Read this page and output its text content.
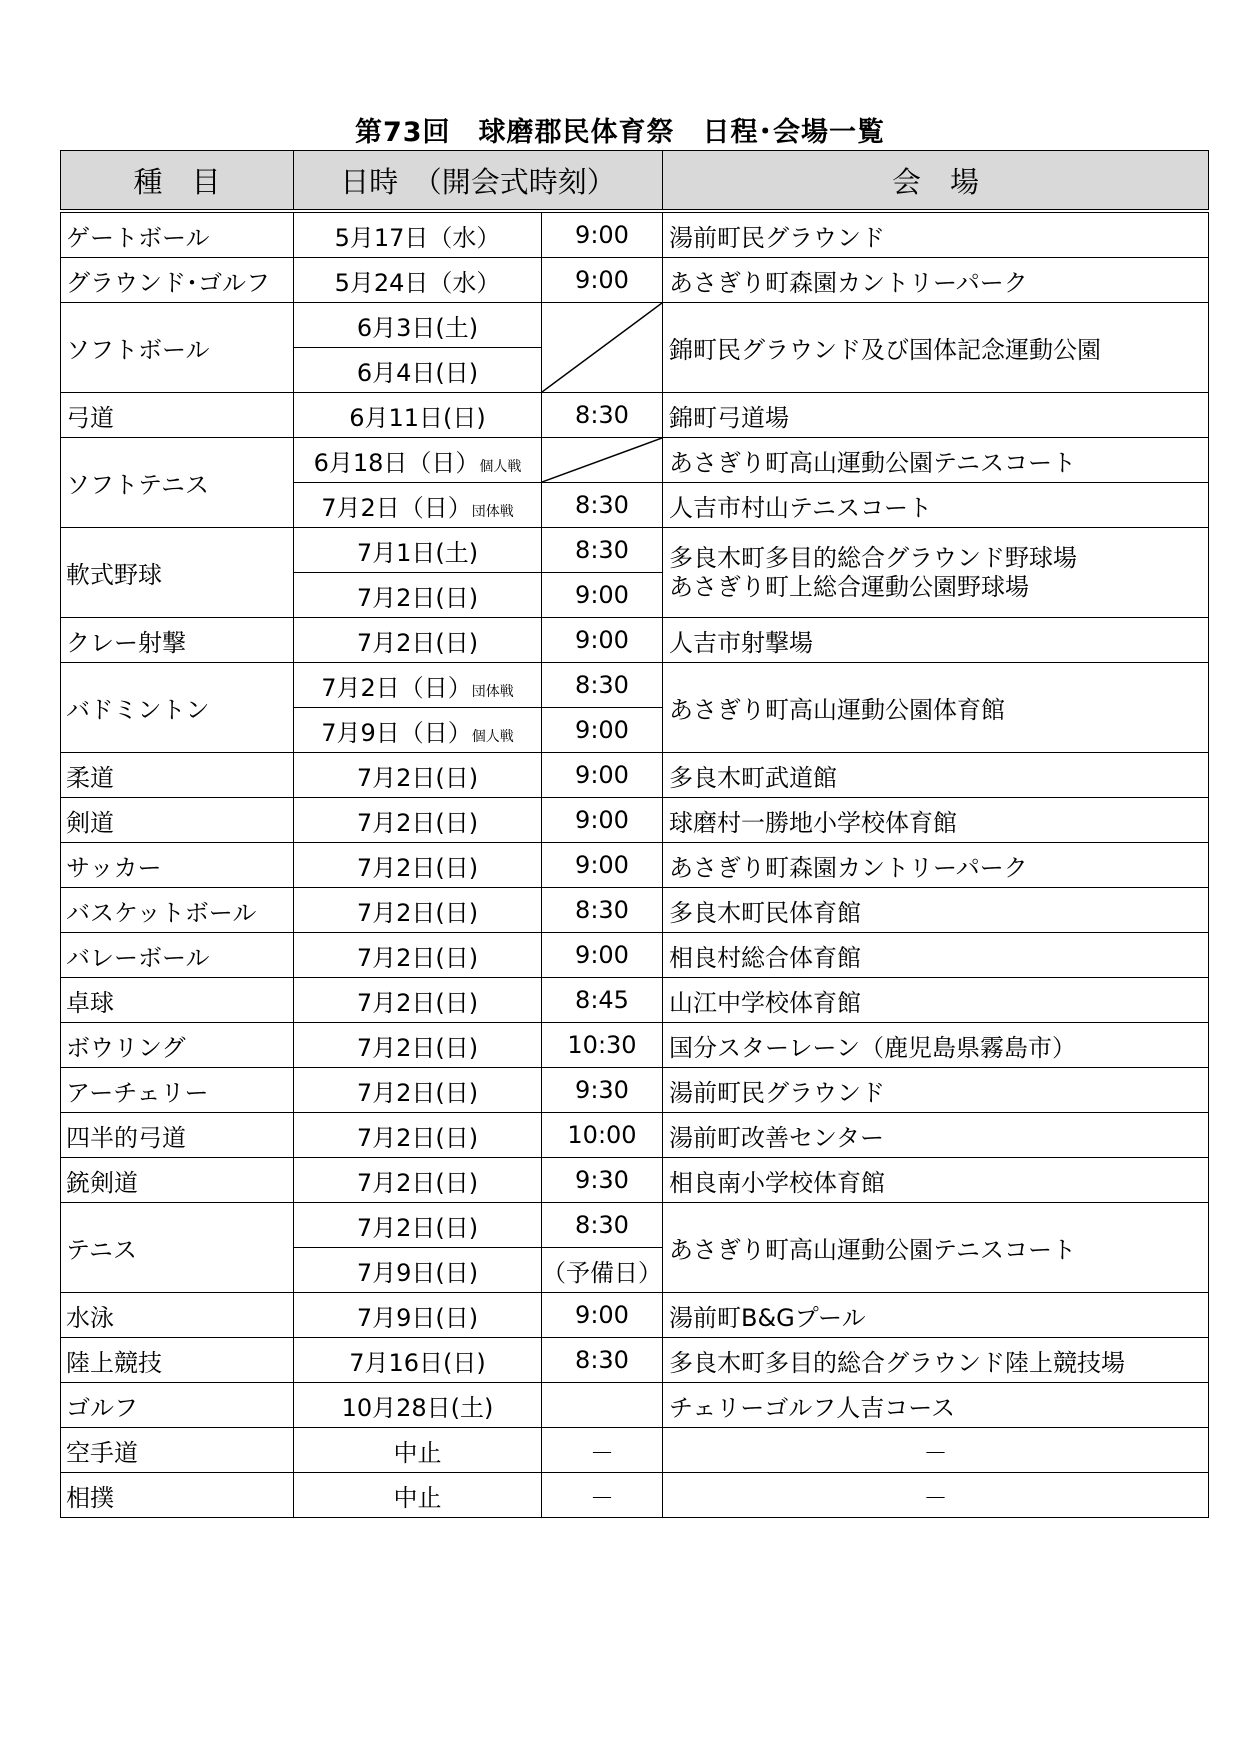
第73回　球磨郡民体育祭　日程･会場一覧
種　目	日時　（開会式時刻）		会　場
ゲートボール	5月17日（水）	9:00	湯前町民グラウンド
グラウンド･ゴルフ	5月24日（水）	9:00	あさぎり町森園カントリーパーク
ソフトボール	6月3日(土)		錦町民グラウンド及び国体記念運動公園
	6月4日(日)		
弓道	6月11日(日)	8:30	錦町弓道場
ソフトテニス	6月18日（日）個人戦		あさぎり町高山運動公園テニスコート
	7月2日（日）団体戦	8:30	人吉市村山テニスコート
軟式野球	7月1日(土)	8:30	多良木町多目的総合グラウンド野球場
あさぎり町上総合運動公園野球場

	7月2日(日)	9:00	
クレー射撃	7月2日(日)	9:00	人吉市射撃場
バドミントン	7月2日（日）団体戦	8:30	あさぎり町高山運動公園体育館
	7月9日（日）個人戦	9:00	
柔道	7月2日(日)	9:00	多良木町武道館
剣道	7月2日(日)	9:00	球磨村一勝地小学校体育館
サッカー	7月2日(日)	9:00	あさぎり町森園カントリーパーク
バスケットボール	7月2日(日)	8:30	多良木町民体育館
バレーボール	7月2日(日)	9:00	相良村総合体育館
卓球	7月2日(日)	8:45	山江中学校体育館
ボウリング	7月2日(日)	10:30	国分スターレーン（鹿児島県霧島市）
アーチェリー	7月2日(日)	9:30	湯前町民グラウンド
四半的弓道	7月2日(日)	10:00	湯前町改善センター
銃剣道	7月2日(日)	9:30	相良南小学校体育館
テニス	7月2日(日)	8:30	あさぎり町高山運動公園テニスコート
	7月9日(日)	（予備日）	
水泳	7月9日(日)	9:00	湯前町B&Gプール
陸上競技	7月16日(日)	8:30	多良木町多目的総合グラウンド陸上競技場
ゴルフ	10月28日(土)		チェリーゴルフ人吉コース
空手道	中止	－	－
相撲	中止	－	－
